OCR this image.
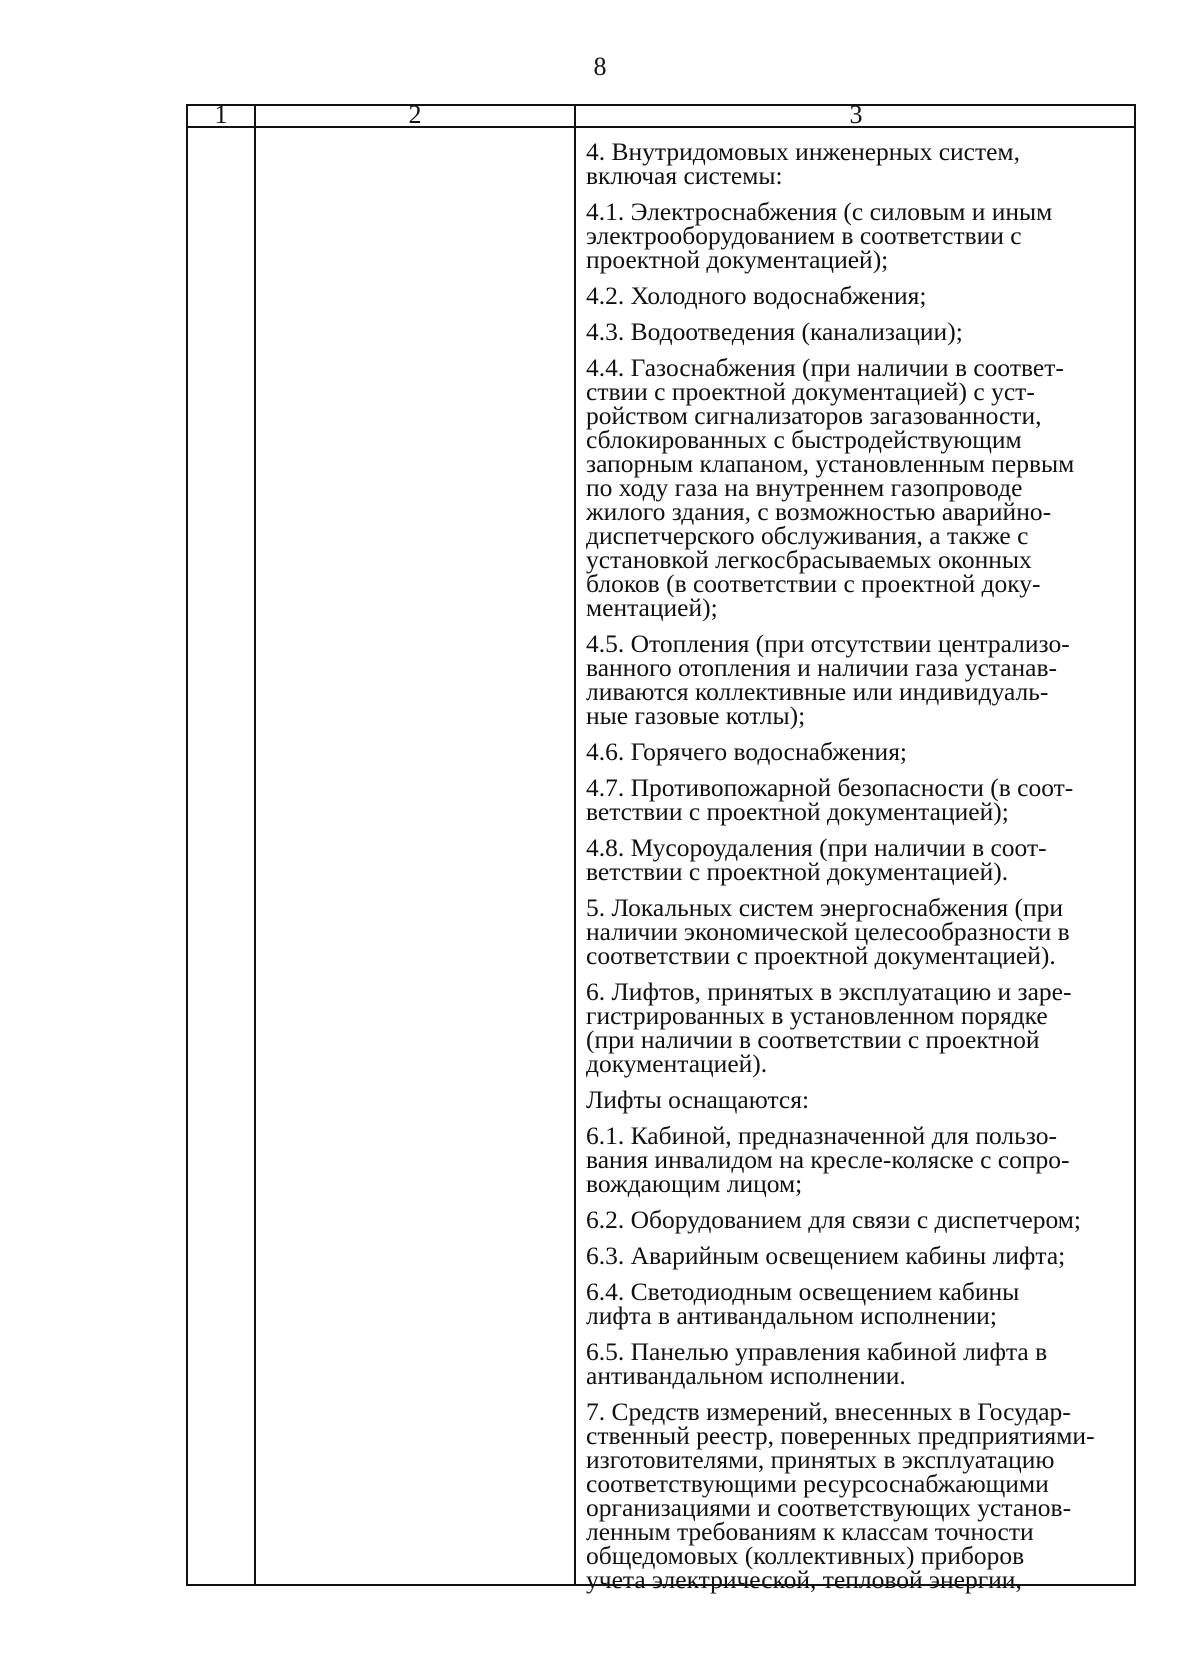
8
1	2	3
4. Внутридомовых инженерных систем,
включая системы:
4.1. Электроснабжения (с силовым и иным
электрооборудованием в соответствии с
проектной документацией);
4.2. Холодного водоснабжения;
4.3. Водоотведения (канализации);
4.4. Газоснабжения (при наличии в соответ-
ствии с проектной документацией) с уст-
ройством сигнализаторов загазованности,
сблокированных с быстродействующим
запорным клапаном, установленным первым
по ходу газа на внутреннем газопроводе
жилого здания, с возможностью аварийно-
диспетчерского обслуживания, а также с
установкой легкосбрасываемых оконных
блоков (в соответствии с проектной доку-
ментацией);
4.5. Отопления (при отсутствии централизо-
ванного отопления и наличии газа устанав-
ливаются коллективные или индивидуаль-
ные газовые котлы);
4.6. Горячего водоснабжения;
4.7. Противопожарной безопасности (в соот-
ветствии с проектной документацией);
4.8. Мусороудаления (при наличии в соот-
ветствии с проектной документацией).
5. Локальных систем энергоснабжения (при
наличии экономической целесообразности в
соответствии с проектной документацией).
6. Лифтов, принятых в эксплуатацию и заре-
гистрированных в установленном порядке
(при наличии в соответствии с проектной
документацией).
Лифты оснащаются:
6.1. Кабиной, предназначенной для пользо-
вания инвалидом на кресле-коляске с сопро-
вождающим лицом;
6.2. Оборудованием для связи с диспетчером;
6.3. Аварийным освещением кабины лифта;
6.4. Светодиодным освещением кабины
лифта в антивандальном исполнении;
6.5. Панелью управления кабиной лифта в
антивандальном исполнении.
7. Средств измерений, внесенных в Государ-
ственный реестр, поверенных предприятиями-
изготовителями, принятых в эксплуатацию
соответствующими ресурсоснабжающими
организациями и соответствующих установ-
ленным требованиям к классам точности
общедомовых (коллективных) приборов
учета электрической, тепловой энергии,
